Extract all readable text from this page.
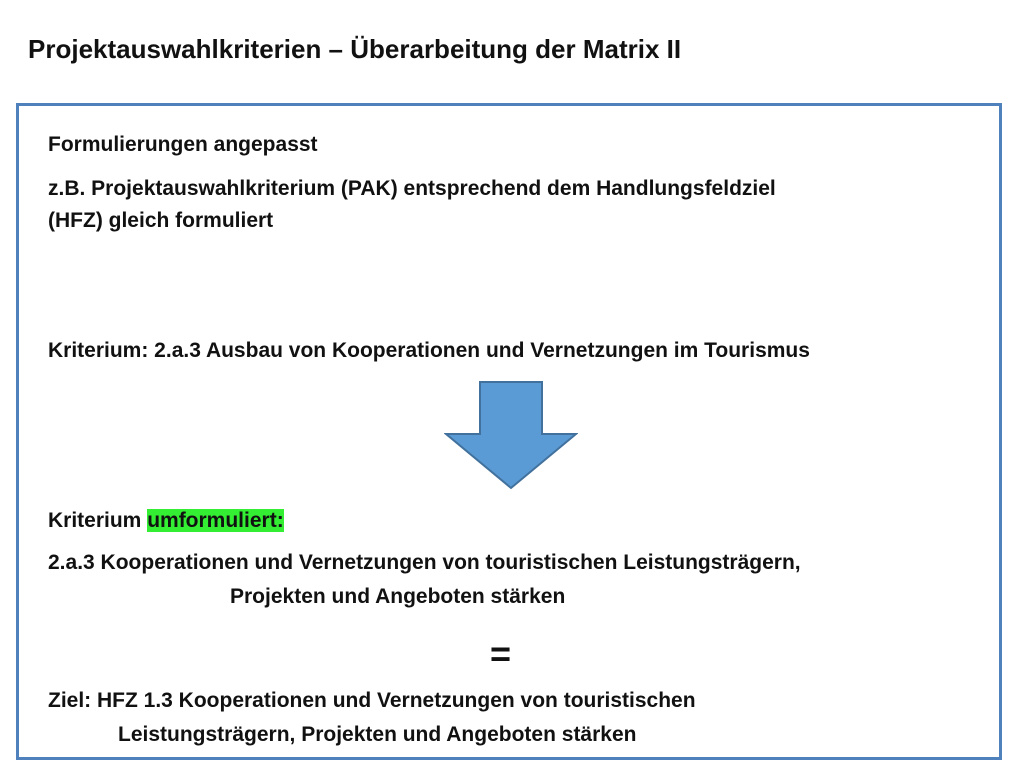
Projektauswahlkriterien – Überarbeitung der Matrix II
Formulierungen angepasst
z.B. Projektauswahlkriterium (PAK) entsprechend dem Handlungsfeldziel
(HFZ) gleich formuliert
Kriterium: 2.a.3 Ausbau von Kooperationen und Vernetzungen im Tourismus
Kriterium umformuliert:
2.a.3 Kooperationen und Vernetzungen von touristischen Leistungsträgern,
Projekten und Angeboten stärken
=
Ziel: HFZ 1.3 Kooperationen und Vernetzungen von touristischen
Leistungsträgern, Projekten und Angeboten stärken
